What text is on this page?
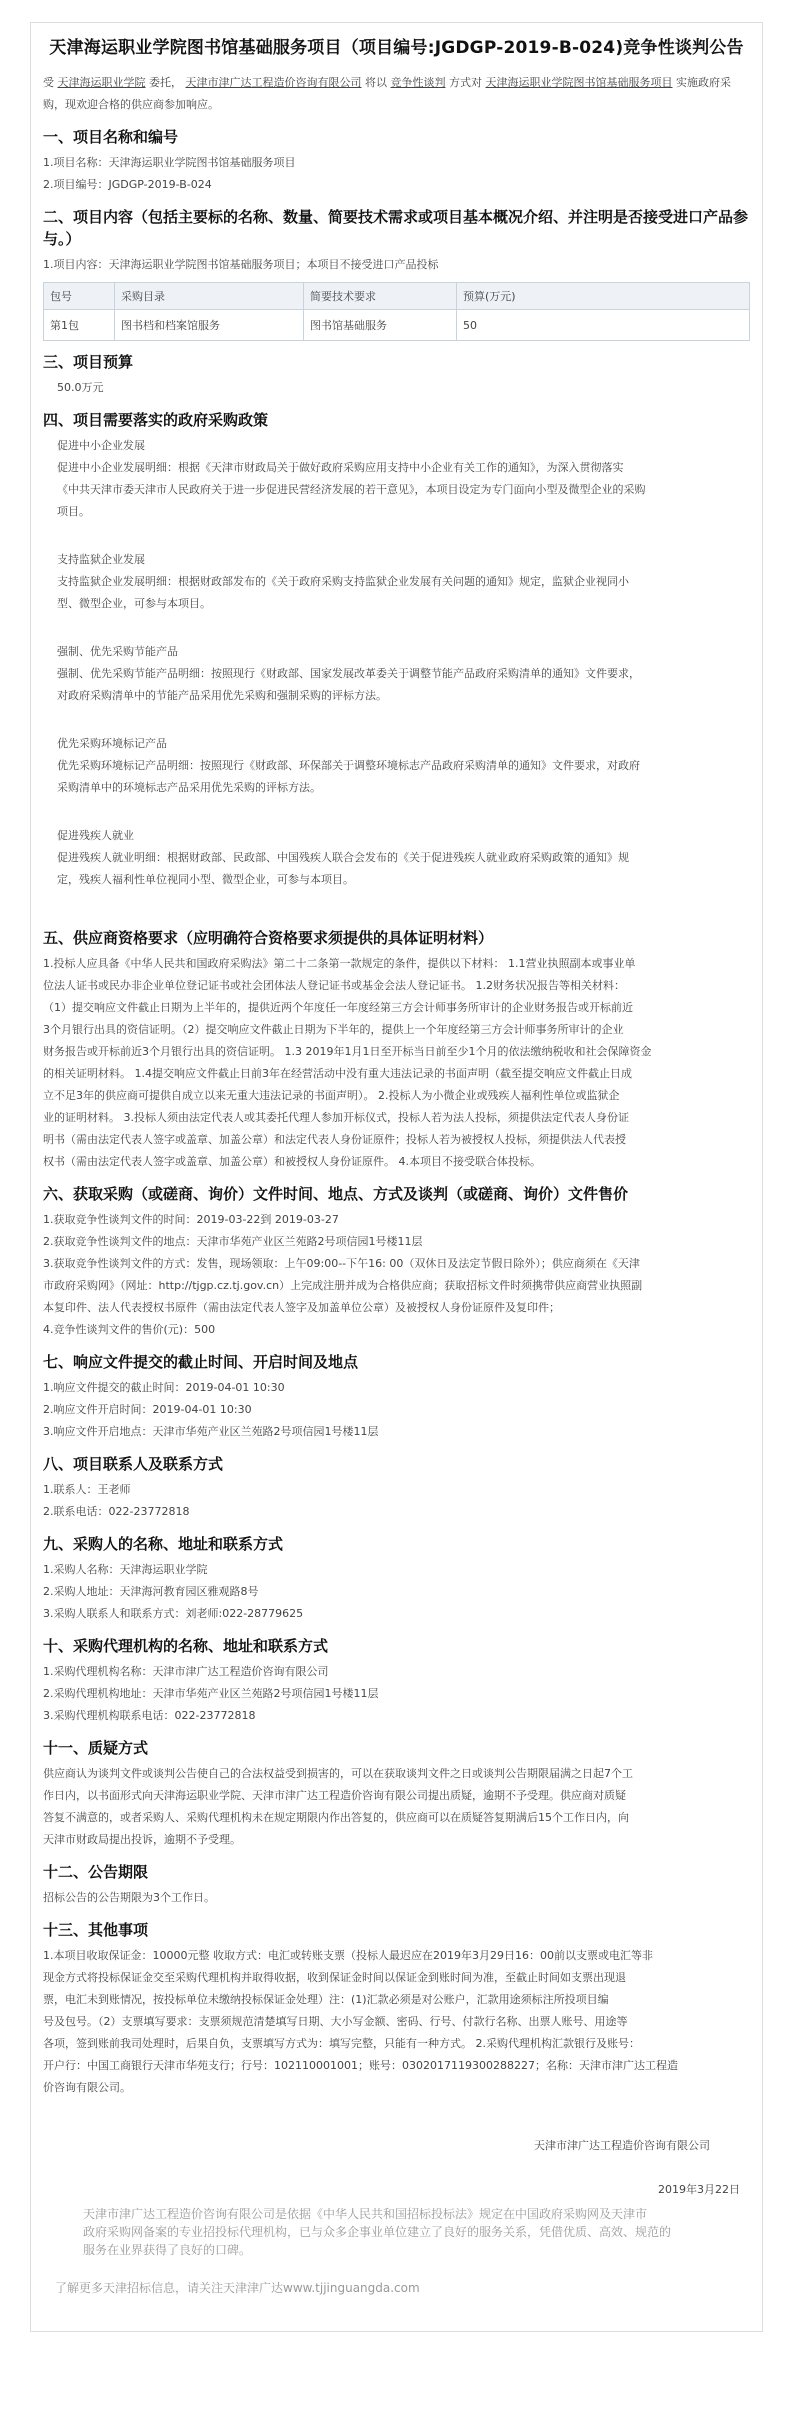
天津海运职业学院图书馆基础服务项目（项目编号:JGDGP-2019-B-024)竞争性谈判公告

受 天津海运职业学院 委托， 天津市津广达工程造价咨询有限公司 将以 竞争性谈判 方式对 天津海运职业学院图书馆基础服务项目 实施政府采购，现欢迎合格的供应商参加响应。

一、项目名称和编号

1.项目名称：天津海运职业学院图书馆基础服务项目

2.项目编号：JGDGP-2019-B-024

二、项目内容（包括主要标的名称、数量、简要技术需求或项目基本概况介绍、并注明是否接受进口产品参与。）

1.项目内容：天津海运职业学院图书馆基础服务项目；本项目不接受进口产品投标

包号	采购目录	简要技术要求	预算(万元)
第1包	图书档和档案馆服务	图书馆基础服务	50
三、项目预算

50.0万元

四、项目需要落实的政府采购政策

促进中小企业发展

促进中小企业发展明细：根据《天津市财政局关于做好政府采购应用支持中小企业有关工作的通知》，为深入贯彻落实

《中共天津市委天津市人民政府关于进一步促进民营经济发展的若干意见》，本项目设定为专门面向小型及微型企业的采购

项目。

支持监狱企业发展

支持监狱企业发展明细：根据财政部发布的《关于政府采购支持监狱企业发展有关问题的通知》规定，监狱企业视同小

型、微型企业，可参与本项目。

强制、优先采购节能产品

强制、优先采购节能产品明细：按照现行《财政部、国家发展改革委关于调整节能产品政府采购清单的通知》文件要求，

对政府采购清单中的节能产品采用优先采购和强制采购的评标方法。

优先采购环境标记产品

优先采购环境标记产品明细：按照现行《财政部、环保部关于调整环境标志产品政府采购清单的通知》文件要求，对政府

采购清单中的环境标志产品采用优先采购的评标方法。

促进残疾人就业

促进残疾人就业明细：根据财政部、民政部、中国残疾人联合会发布的《关于促进残疾人就业政府采购政策的通知》规

定，残疾人福利性单位视同小型、微型企业，可参与本项目。

五、供应商资格要求（应明确符合资格要求须提供的具体证明材料）

1.投标人应具备《中华人民共和国政府采购法》第二十二条第一款规定的条件，提供以下材料： 1.1营业执照副本或事业单

位法人证书或民办非企业单位登记证书或社会团体法人登记证书或基金会法人登记证书。 1.2财务状况报告等相关材料：

（1）提交响应文件截止日期为上半年的，提供近两个年度任一年度经第三方会计师事务所审计的企业财务报告或开标前近

3个月银行出具的资信证明。（2）提交响应文件截止日期为下半年的，提供上一个年度经第三方会计师事务所审计的企业

财务报告或开标前近3个月银行出具的资信证明。 1.3 2019年1月1日至开标当日前至少1个月的依法缴纳税收和社会保障资金

的相关证明材料。 1.4提交响应文件截止日前3年在经营活动中没有重大违法记录的书面声明（截至提交响应文件截止日成

立不足3年的供应商可提供自成立以来无重大违法记录的书面声明）。 2.投标人为小微企业或残疾人福利性单位或监狱企

业的证明材料。 3.投标人须由法定代表人或其委托代理人参加开标仪式，投标人若为法人投标，须提供法定代表人身份证

明书（需由法定代表人签字或盖章、加盖公章）和法定代表人身份证原件；投标人若为被授权人投标，须提供法人代表授

权书（需由法定代表人签字或盖章、加盖公章）和被授权人身份证原件。 4.本项目不接受联合体投标。

六、获取采购（或磋商、询价）文件时间、地点、方式及谈判（或磋商、询价）文件售价

1.获取竞争性谈判文件的时间：2019-03-22到 2019-03-27

2.获取竞争性谈判文件的地点：天津市华苑产业区兰苑路2号项信园1号楼11层

3.获取竞争性谈判文件的方式：发售，现场领取：上午09:00--下午16: 00（双休日及法定节假日除外）；供应商须在《天津

市政府采购网》（网址：http://tjgp.cz.tj.gov.cn）上完成注册并成为合格供应商；获取招标文件时须携带供应商营业执照副

本复印件、法人代表授权书原件（需由法定代表人签字及加盖单位公章）及被授权人身份证原件及复印件；

4.竞争性谈判文件的售价(元)：500

七、响应文件提交的截止时间、开启时间及地点

1.响应文件提交的截止时间：2019-04-01 10:30

2.响应文件开启时间：2019-04-01 10:30

3.响应文件开启地点：天津市华苑产业区兰苑路2号项信园1号楼11层

八、项目联系人及联系方式

1.联系人：王老师

2.联系电话：022-23772818

九、采购人的名称、地址和联系方式

1.采购人名称：天津海运职业学院

2.采购人地址：天津海河教育园区雅观路8号

3.采购人联系人和联系方式：刘老师:022-28779625

十、采购代理机构的名称、地址和联系方式

1.采购代理机构名称：天津市津广达工程造价咨询有限公司

2.采购代理机构地址：天津市华苑产业区兰苑路2号项信园1号楼11层

3.采购代理机构联系电话：022-23772818

十一、质疑方式

供应商认为谈判文件或谈判公告使自己的合法权益受到损害的，可以在获取谈判文件之日或谈判公告期限届满之日起7个工

作日内，以书面形式向天津海运职业学院、天津市津广达工程造价咨询有限公司提出质疑，逾期不予受理。供应商对质疑

答复不满意的，或者采购人、采购代理机构未在规定期限内作出答复的，供应商可以在质疑答复期满后15个工作日内，向

天津市财政局提出投诉，逾期不予受理。

十二、公告期限

招标公告的公告期限为3个工作日。

十三、其他事项

1.本项目收取保证金：10000元整 收取方式：电汇或转账支票（投标人最迟应在2019年3月29日16：00前以支票或电汇等非

现金方式将投标保证金交至采购代理机构并取得收据，收到保证金时间以保证金到账时间为准，至截止时间如支票出现退

票，电汇未到账情况，按投标单位未缴纳投标保证金处理）注：(1)汇款必须是对公账户，汇款用途须标注所投项目编

号及包号。（2）支票填写要求：支票须规范清楚填写日期、大小写金额、密码、行号、付款行名称、出票人账号、用途等

各项，签到账前我司处理时，后果自负，支票填写方式为：填写完整，只能有一种方式。 2.采购代理机构汇款银行及账号：

开户行：中国工商银行天津市华苑支行；行号：102110001001；账号：0302017119300288227；名称：天津市津广达工程造

价咨询有限公司。

天津市津广达工程造价咨询有限公司
2019年3月22日
天津市津广达工程造价咨询有限公司是依据《中华人民共和国招标投标法》规定在中国政府采购网及天津市
政府采购网备案的专业招投标代理机构，已与众多企事业单位建立了良好的服务关系，凭借优质、高效、规范的
服务在业界获得了良好的口碑。
了解更多天津招标信息，请关注天津津广达www.tjjinguangda.com
